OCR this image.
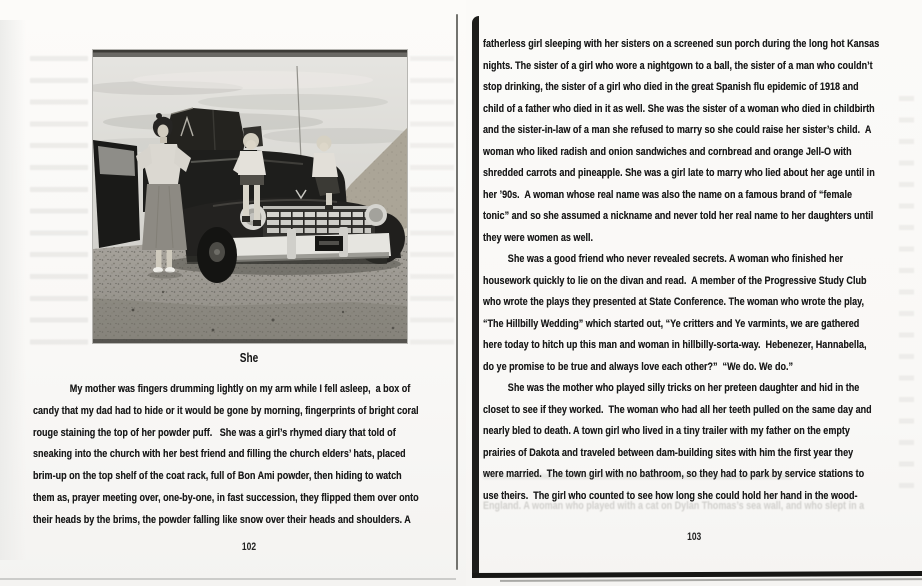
She
My mother was fingers drumming lightly on my arm while I fell asleep,  a box of
candy that my dad had to hide or it would be gone by morning, fingerprints of bright coral
rouge staining the top of her powder puff.   She was a girl’s rhymed diary that told of
sneaking into the church with her best friend and filling the church elders’ hats, placed
brim-up on the top shelf of the coat rack, full of Bon Ami powder, then hiding to watch
them as, prayer meeting over, one-by-one, in fast succession, they flipped them over onto
their heads by the brims, the powder falling like snow over their heads and shoulders. A
102
fatherless girl sleeping with her sisters on a screened sun porch during the long hot Kansas
nights. The sister of a girl who wore a nightgown to a ball, the sister of a man who couldn’t
stop drinking, the sister of a girl who died in the great Spanish flu epidemic of 1918 and
child of a father who died in it as well. She was the sister of a woman who died in childbirth
and the sister-in-law of a man she refused to marry so she could raise her sister’s child.  A
woman who liked radish and onion sandwiches and cornbread and orange Jell-O with
shredded carrots and pineapple. She was a girl late to marry who lied about her age until in
her ’90s.  A woman whose real name was also the name on a famous brand of “female
tonic” and so she assumed a nickname and never told her real name to her daughters until
they were women as well.
She was a good friend who never revealed secrets. A woman who finished her
housework quickly to lie on the divan and read.  A member of the Progressive Study Club
who wrote the plays they presented at State Conference. The woman who wrote the play,
“The Hillbilly Wedding” which started out, “Ye critters and Ye varmints, we are gathered
here today to hitch up this man and woman in hillbilly-sorta-way.  Hebenezer, Hannabella,
do ye promise to be true and always love each other?”  “We do. We do.”
She was the mother who played silly tricks on her preteen daughter and hid in the
closet to see if they worked.  The woman who had all her teeth pulled on the same day and
nearly bled to death. A town girl who lived in a tiny trailer with my father on the empty
prairies of Dakota and traveled between dam-building sites with him the first year they
were married.  The town girl with no bathroom, so they had to park by service stations to
use theirs.  The girl who counted to see how long she could hold her hand in the wood-
England. A woman who played with a cat on Dylan Thomas’s sea wall, and who slept in a
103
